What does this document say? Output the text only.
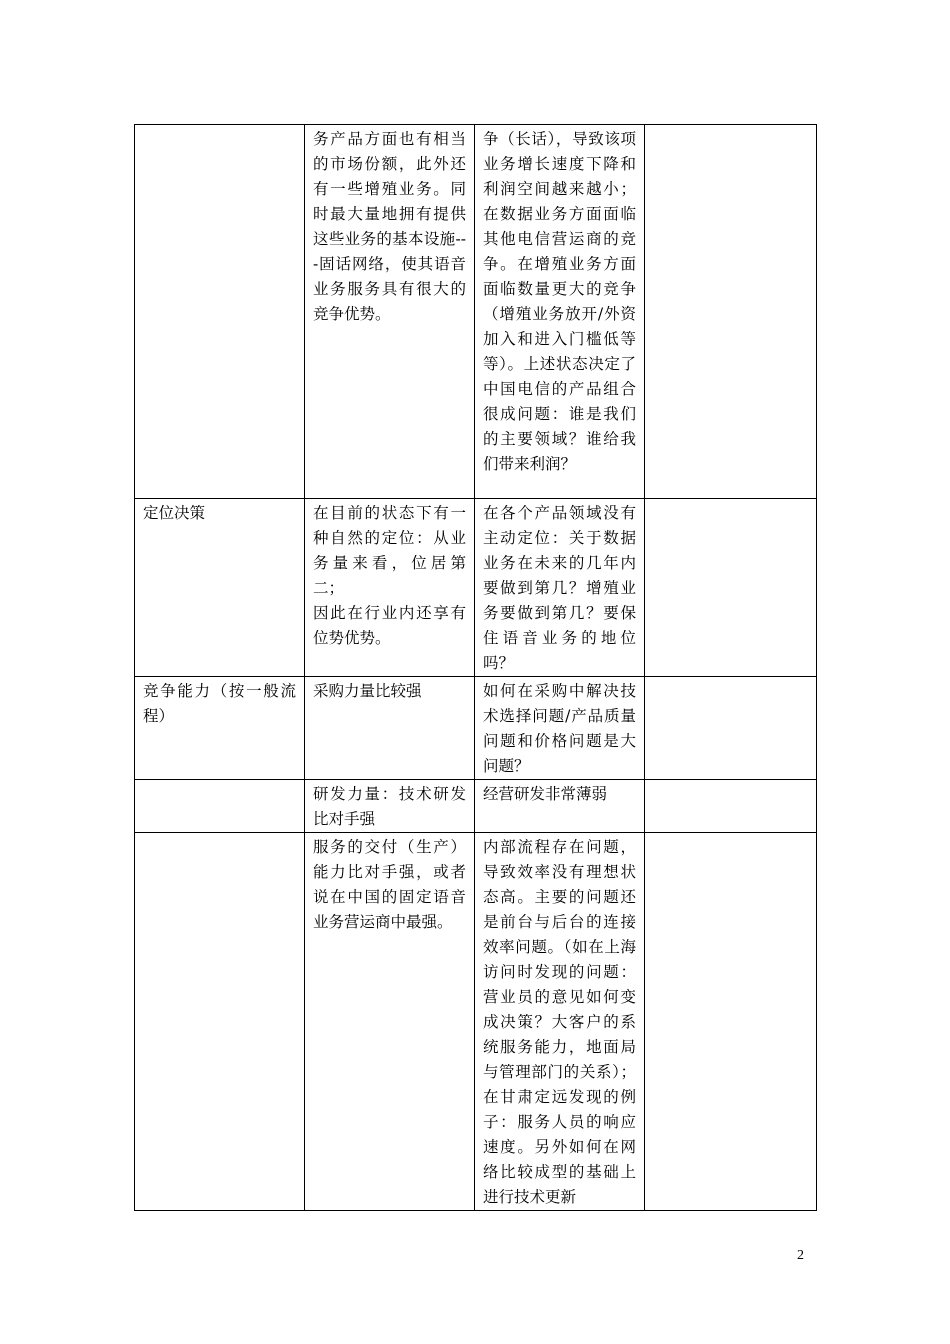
	务产品方面也有相当的市场份额，此外还有一些增殖业务。同时最大量地拥有提供这些业务的基本设施---固话网络，使其语音业务服务具有很大的竞争优势。	争（长话），导致该项业务增长速度下降和利润空间越来越小；在数据业务方面面临其他电信营运商的竞争。在增殖业务方面面临数量更大的竞争（增殖业务放开/外资加入和进入门槛低等等）。上述状态决定了中国电信的产品组合很成问题：谁是我们的主要领域？谁给我们带来利润？	

定位决策	在目前的状态下有一种自然的定位：从业务量来看，位居第二；
因此在行业内还享有位势优势。	在各个产品领域没有主动定位：关于数据业务在未来的几年内要做到第几？增殖业务要做到第几？要保住语音业务的地位吗？	

竞争能力（按一般流程）	采购力量比较强	如何在采购中解决技术选择问题/产品质量问题和价格问题是大问题？	

	研发力量：技术研发比对手强	经营研发非常薄弱	

	服务的交付（生产）能力比对手强，或者说在中国的固定语音业务营运商中最强。	内部流程存在问题，导致效率没有理想状态高。主要的问题还是前台与后台的连接效率问题。（如在上海访问时发现的问题：营业员的意见如何变成决策？大客户的系统服务能力，地面局与管理部门的关系）；在甘肃定远发现的例子：服务人员的响应速度。另外如何在网络比较成型的基础上进行技术更新	

2
